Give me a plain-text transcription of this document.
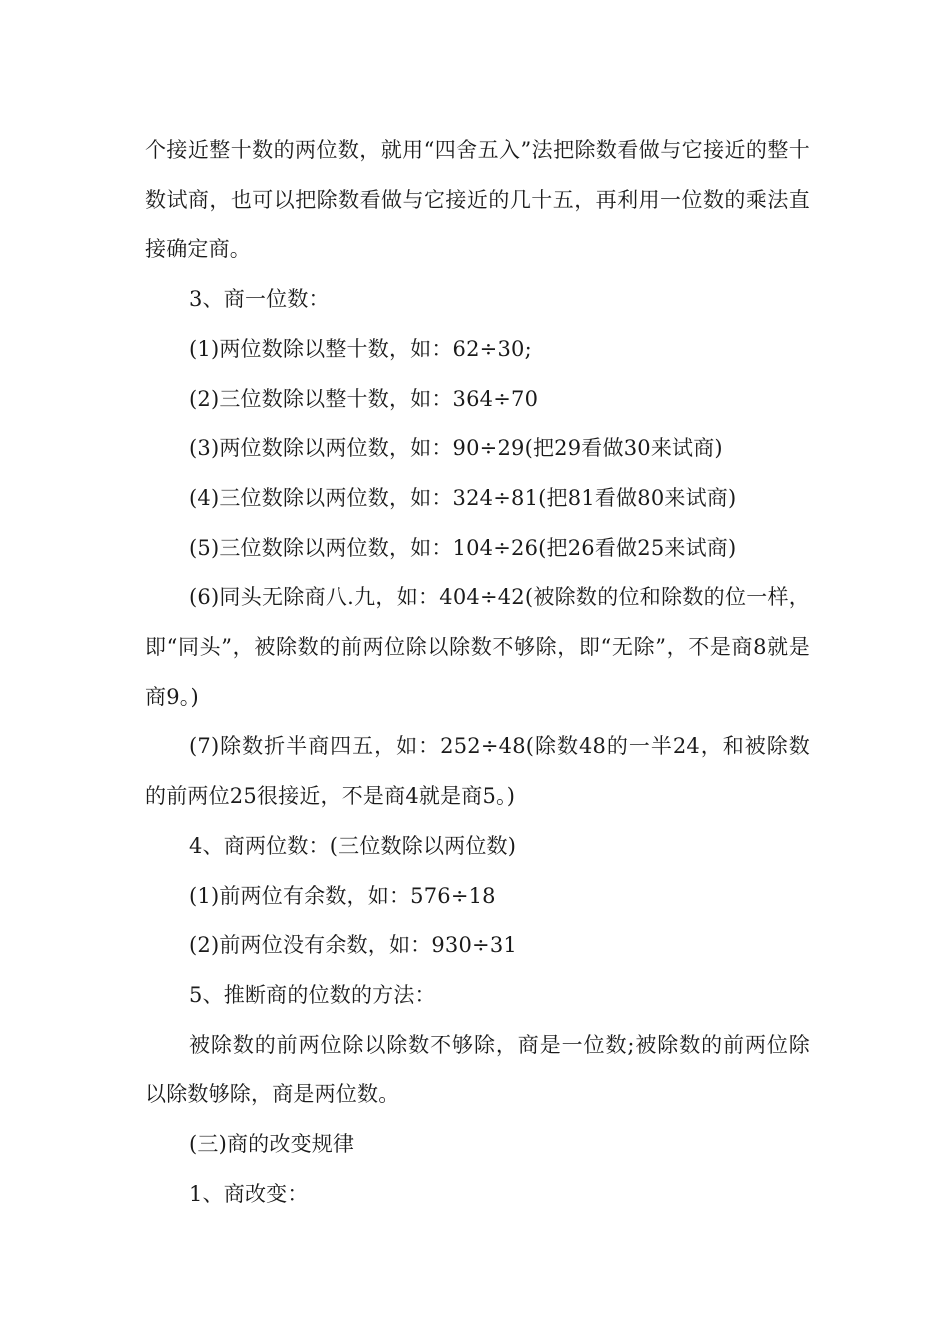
个接近整十数的两位数，就用“四舍五入”法把除数看做与它接近的整十数试商，也可以把除数看做与它接近的几十五，再利用一位数的乘法直接确定商。

3、商一位数：

(1)两位数除以整十数，如：62÷30;

(2)三位数除以整十数，如：364÷70

(3)两位数除以两位数，如：90÷29(把29看做30来试商)

(4)三位数除以两位数，如：324÷81(把81看做80来试商)

(5)三位数除以两位数，如：104÷26(把26看做25来试商)

(6)同头无除商八.九，如：404÷42(被除数的位和除数的位一样，即“同头”，被除数的前两位除以除数不够除，即“无除”，不是商8就是商9。)

(7)除数折半商四五，如：252÷48(除数48的一半24，和被除数的前两位25很接近，不是商4就是商5。)

4、商两位数：(三位数除以两位数)

(1)前两位有余数，如：576÷18

(2)前两位没有余数，如：930÷31

5、推断商的位数的方法：

被除数的前两位除以除数不够除，商是一位数;被除数的前两位除以除数够除，商是两位数。

(三)商的改变规律

1、商改变：
